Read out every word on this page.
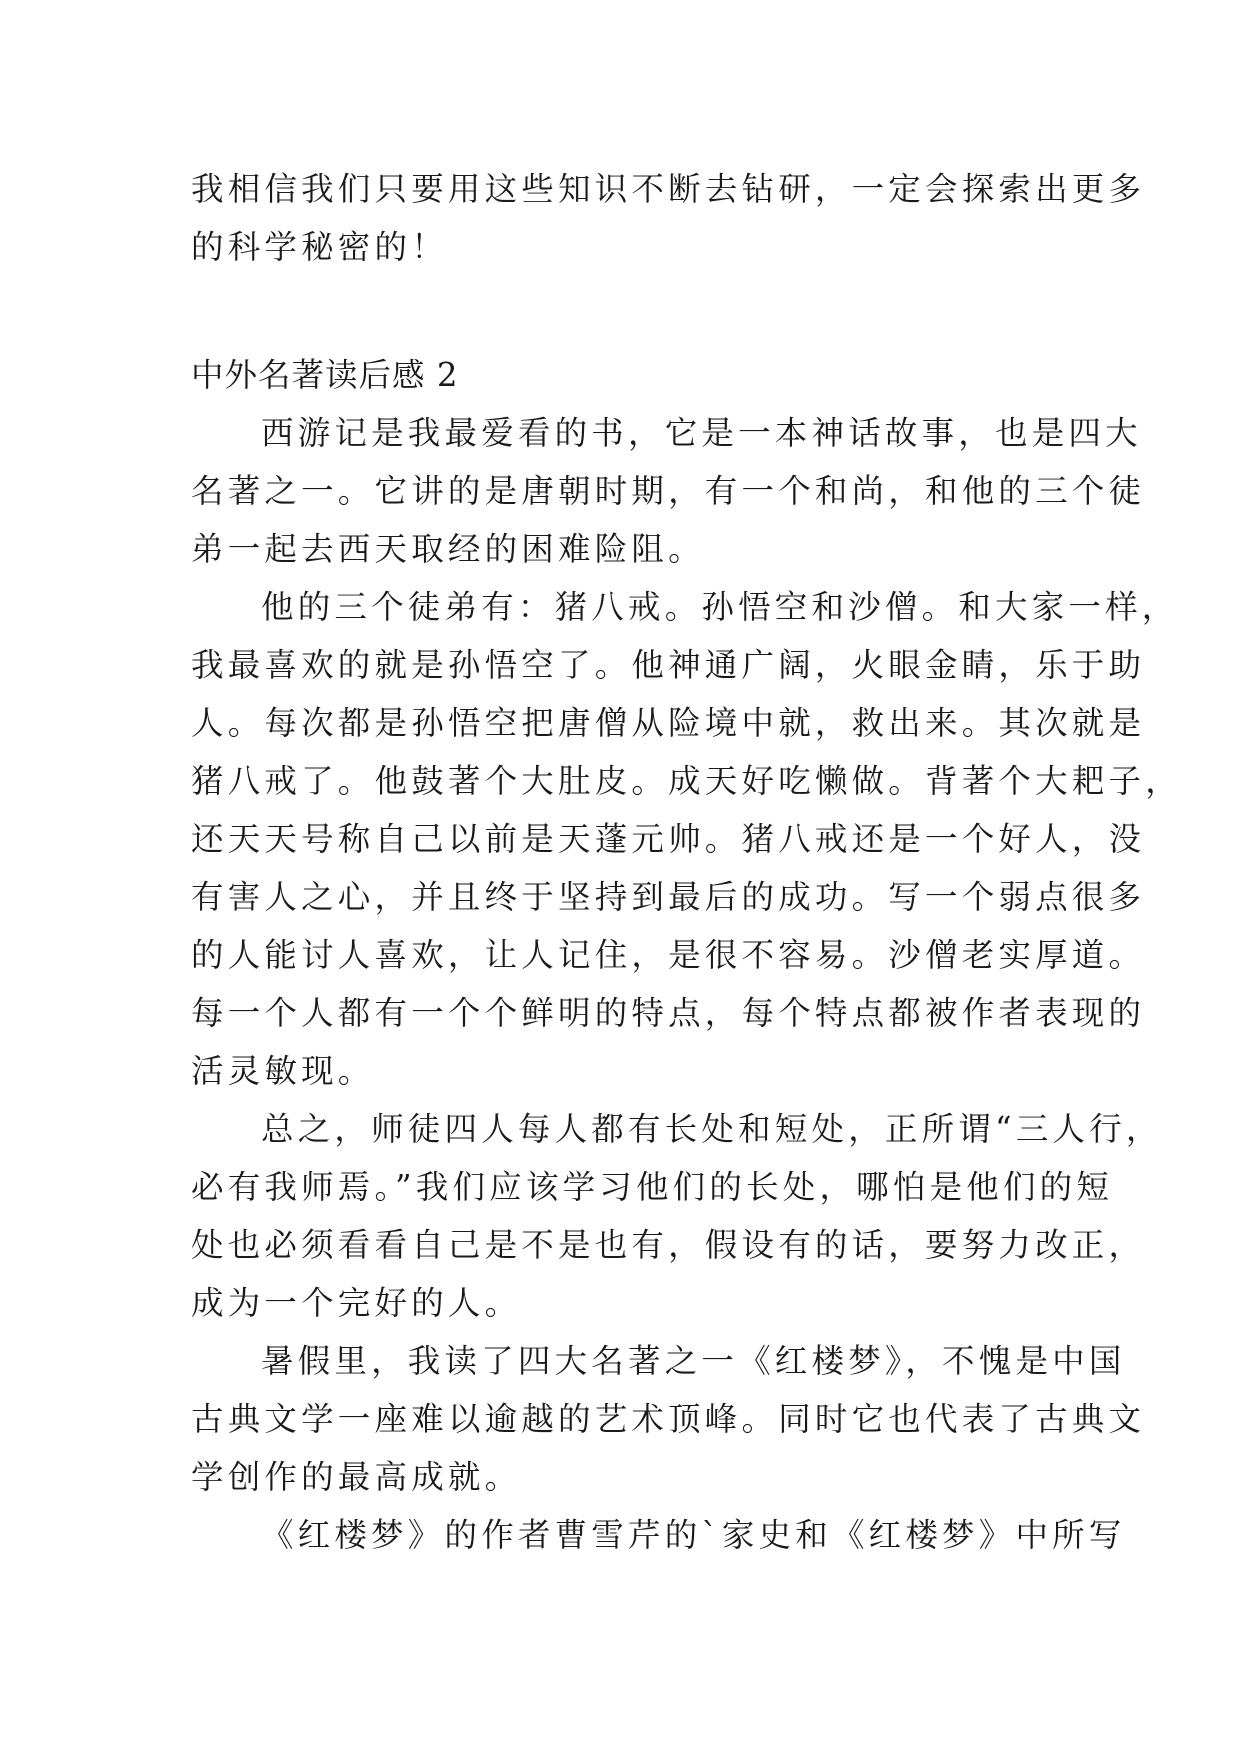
我相信我们只要用这些知识不断去钻研，一定会探索出更多
的科学秘密的！
中外名著读后感 2
西游记是我最爱看的书，它是一本神话故事，也是四大
名著之一。它讲的是唐朝时期，有一个和尚，和他的三个徒
弟一起去西天取经的困难险阻。
他的三个徒弟有：猪八戒。孙悟空和沙僧。和大家一样，
我最喜欢的就是孙悟空了。他神通广阔，火眼金睛，乐于助
人。每次都是孙悟空把唐僧从险境中就，救出来。其次就是
猪八戒了。他鼓著个大肚皮。成天好吃懒做。背著个大耙子，
还天天号称自己以前是天蓬元帅。猪八戒还是一个好人，没
有害人之心，并且终于坚持到最后的成功。写一个弱点很多
的人能讨人喜欢，让人记住，是很不容易。沙僧老实厚道。
每一个人都有一个个鲜明的特点，每个特点都被作者表现的
活灵敏现。
总之，师徒四人每人都有长处和短处，正所谓“三人行，
必有我师焉。”我们应该学习他们的长处，哪怕是他们的短
处也必须看看自己是不是也有，假设有的话，要努力改正，
成为一个完好的人。
暑假里，我读了四大名著之一《红楼梦》，不愧是中国
古典文学一座难以逾越的艺术顶峰。同时它也代表了古典文
学创作的最高成就。
《红楼梦》的作者曹雪芹的`家史和《红楼梦》中所写
